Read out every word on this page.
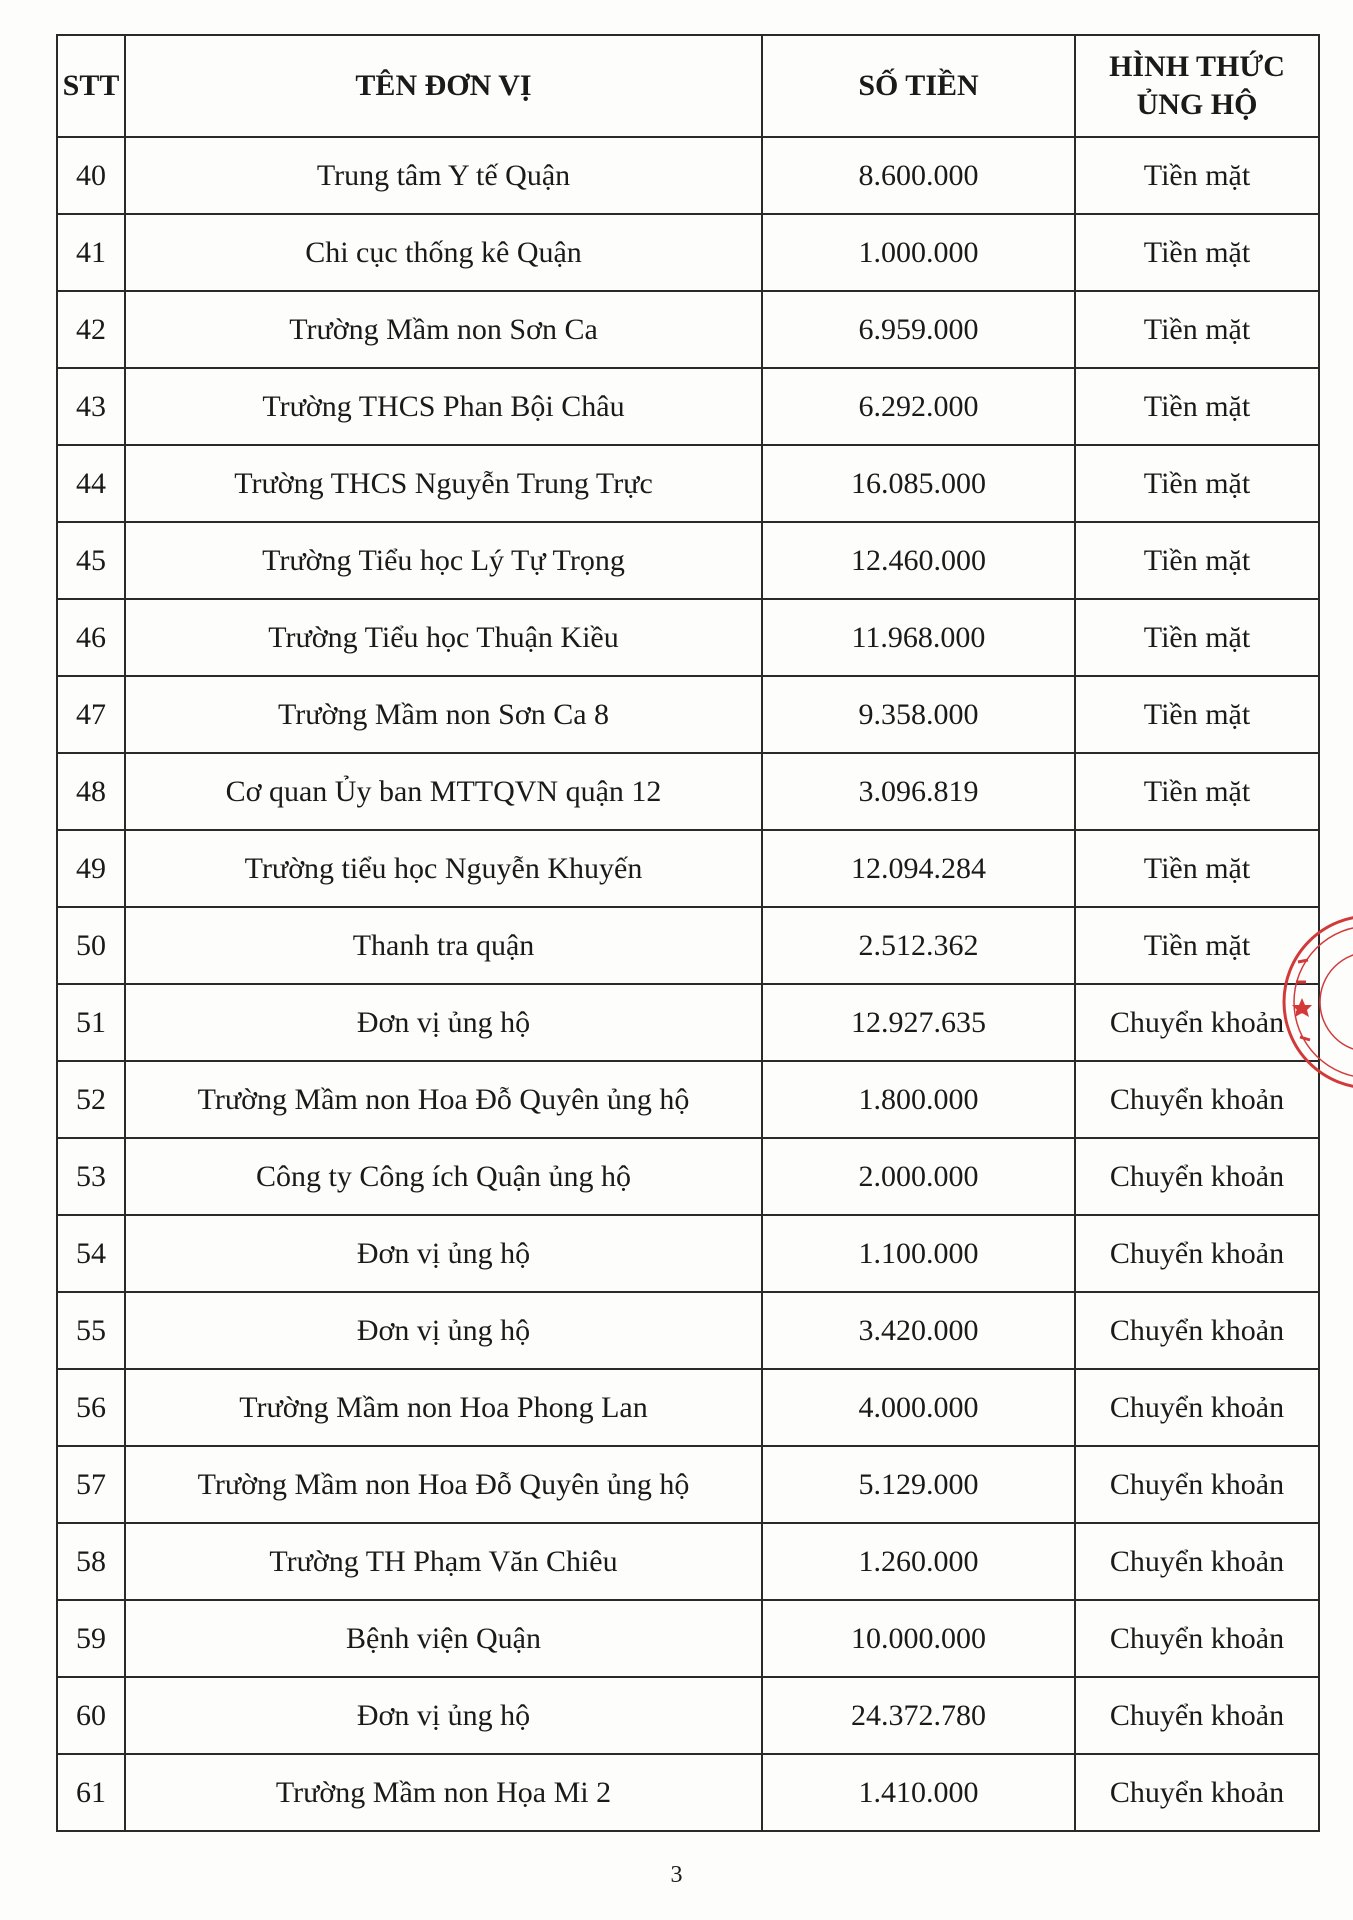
STT	TÊN ĐƠN VỊ	SỐ TIỀN	HÌNH THỨC
ỦNG HỘ

40	Trung tâm Y tế Quận	8.600.000	Tiền mặt
41	Chi cục thống kê Quận	1.000.000	Tiền mặt
42	Trường Mầm non Sơn Ca	6.959.000	Tiền mặt
43	Trường THCS Phan Bội Châu	6.292.000	Tiền mặt
44	Trường THCS Nguyễn Trung Trực	16.085.000	Tiền mặt
45	Trường Tiểu học Lý Tự Trọng	12.460.000	Tiền mặt
46	Trường Tiểu học Thuận Kiều	11.968.000	Tiền mặt
47	Trường Mầm non Sơn Ca 8	9.358.000	Tiền mặt
48	Cơ quan Ủy ban MTTQVN quận 12	3.096.819	Tiền mặt
49	Trường tiểu học Nguyễn Khuyến	12.094.284	Tiền mặt
50	Thanh tra quận	2.512.362	Tiền mặt
51	Đơn vị ủng hộ	12.927.635	Chuyển khoản
52	Trường Mầm non Hoa Đỗ Quyên ủng hộ	1.800.000	Chuyển khoản
53	Công ty Công ích Quận ủng hộ	2.000.000	Chuyển khoản
54	Đơn vị ủng hộ	1.100.000	Chuyển khoản
55	Đơn vị ủng hộ	3.420.000	Chuyển khoản
56	Trường Mầm non Hoa Phong Lan	4.000.000	Chuyển khoản
57	Trường Mầm non Hoa Đỗ Quyên ủng hộ	5.129.000	Chuyển khoản
58	Trường TH Phạm Văn Chiêu	1.260.000	Chuyển khoản
59	Bệnh viện Quận	10.000.000	Chuyển khoản
60	Đơn vị ủng hộ	24.372.780	Chuyển khoản
61	Trường Mầm non Họa Mi 2	1.410.000	Chuyển khoản
3
